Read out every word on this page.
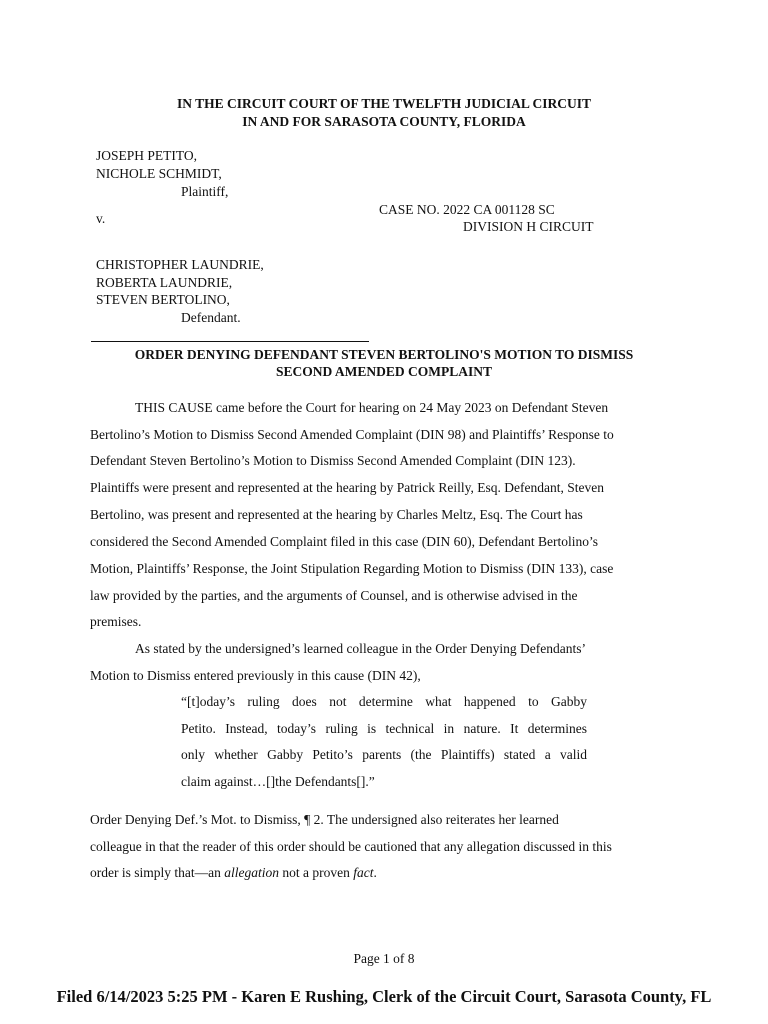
IN THE CIRCUIT COURT OF THE TWELFTH JUDICIAL CIRCUIT
IN AND FOR SARASOTA COUNTY, FLORIDA
JOSEPH PETITO,
NICHOLE SCHMIDT,
Plaintiff,
v.
CASE NO. 2022 CA 001128 SC
DIVISION H CIRCUIT
CHRISTOPHER LAUNDRIE,
ROBERTA LAUNDRIE,
STEVEN BERTOLINO,
Defendant.
ORDER DENYING DEFENDANT STEVEN BERTOLINO'S MOTION TO DISMISS
SECOND AMENDED COMPLAINT
THIS CAUSE came before the Court for hearing on 24 May 2023 on Defendant Steven
Bertolino’s Motion to Dismiss Second Amended Complaint (DIN 98) and Plaintiffs’ Response to
Defendant Steven Bertolino’s Motion to Dismiss Second Amended Complaint (DIN 123).
Plaintiffs were present and represented at the hearing by Patrick Reilly, Esq. Defendant, Steven
Bertolino, was present and represented at the hearing by Charles Meltz, Esq. The Court has
considered the Second Amended Complaint filed in this case (DIN 60), Defendant Bertolino’s
Motion, Plaintiffs’ Response, the Joint Stipulation Regarding Motion to Dismiss (DIN 133), case
law provided by the parties, and the arguments of Counsel, and is otherwise advised in the
premises.
As stated by the undersigned’s learned colleague in the Order Denying Defendants’
Motion to Dismiss entered previously in this cause (DIN 42),
“[t]oday’s ruling does not determine what happened to Gabby
Petito. Instead, today’s ruling is technical in nature. It determines
only whether Gabby Petito’s parents (the Plaintiffs) stated a valid
claim against…[]the Defendants[].”
Order Denying Def.’s Mot. to Dismiss, ¶ 2. The undersigned also reiterates her learned
colleague in that the reader of this order should be cautioned that any allegation discussed in this
order is simply that—an allegation not a proven fact.
Page 1 of 8
Filed 6/14/2023 5:25 PM - Karen E Rushing, Clerk of the Circuit Court, Sarasota County, FL
